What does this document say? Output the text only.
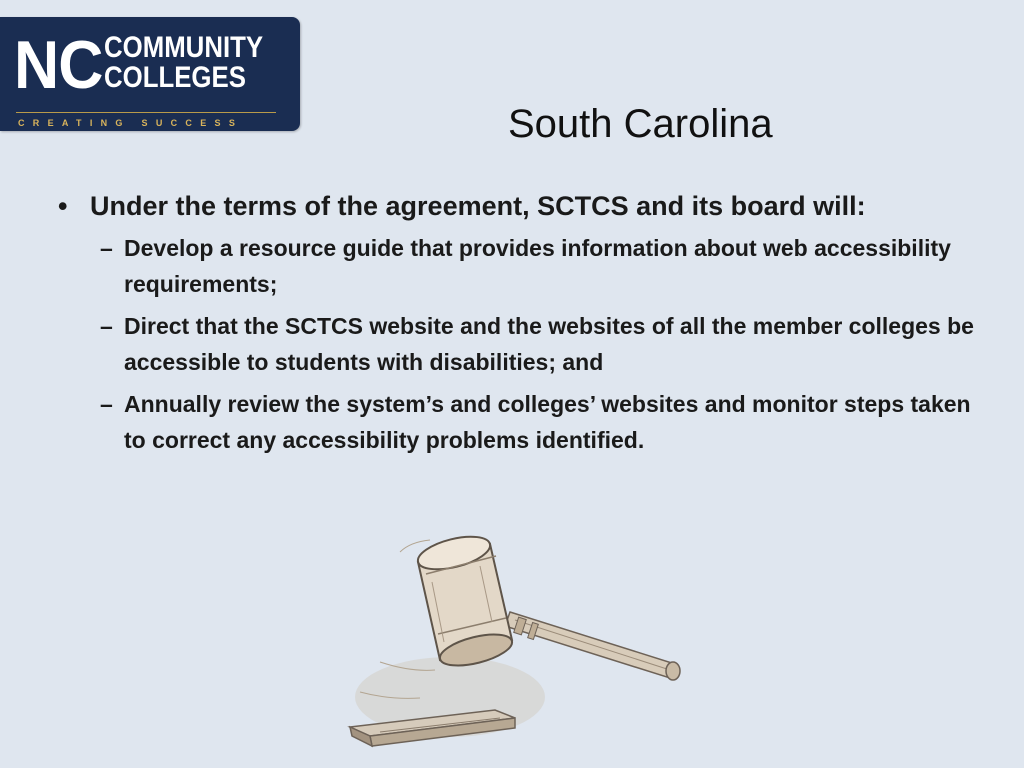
NC COMMUNITY
COLLEGES
CREATING SUCCESS	South Carolina
• Under the terms of the agreement, SCTCS and its board will:
– Develop a resource guide that provides information about web accessibility requirements;
– Direct that the SCTCS website and the websites of all the member colleges be accessible to students with disabilities; and
– Annually review the system’s and colleges’ websites and monitor steps taken to correct any accessibility problems identified.
